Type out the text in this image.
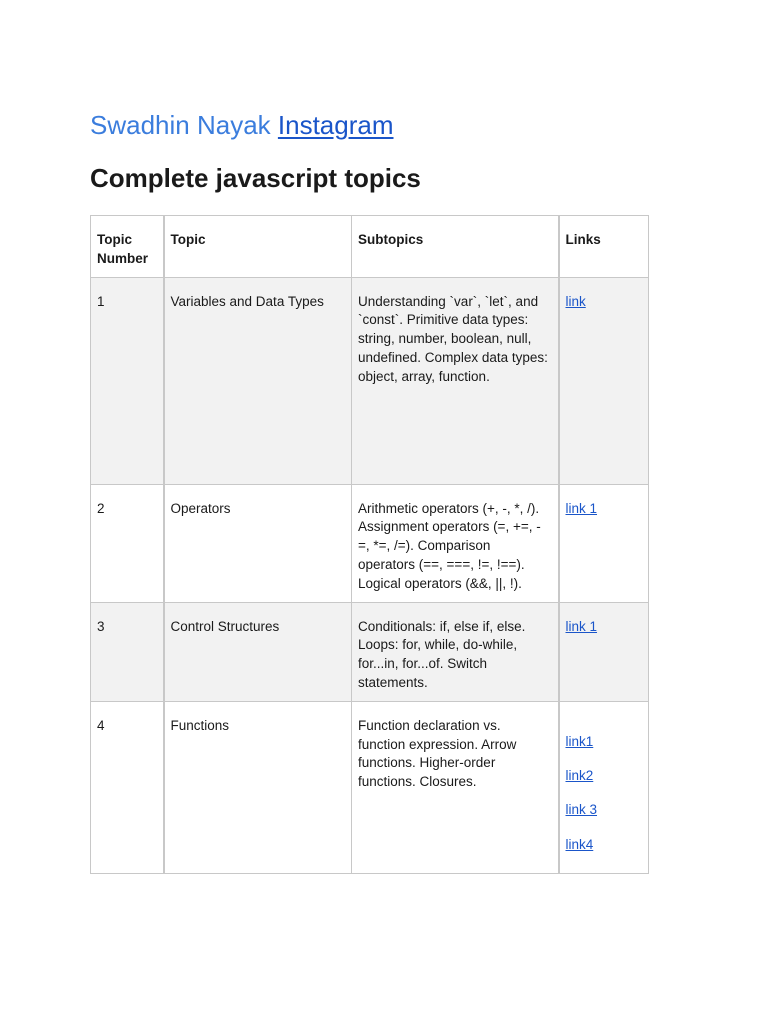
Swadhin Nayak Instagram
Complete javascript topics
Topic Number	Topic	Subtopics	Links
1	Variables and Data Types	Understanding `var`, `let`, and `const`. Primitive data types: string, number, boolean, null, undefined. Complex data types: object, array, function.	link

2	Operators	Arithmetic operators (+, -, *, /). Assignment operators (=, +=, -=, *=, /=). Comparison operators (==, ===, !=, !==). Logical operators (&&, ||, !).	link 1

3	Control Structures	Conditionals: if, else if, else. Loops: for, while, do-while, for...in, for...of. Switch statements.	link 1

4	Functions	Function declaration vs. function expression. Arrow functions. Higher-order functions. Closures.	link1
link2
link 3
link4
